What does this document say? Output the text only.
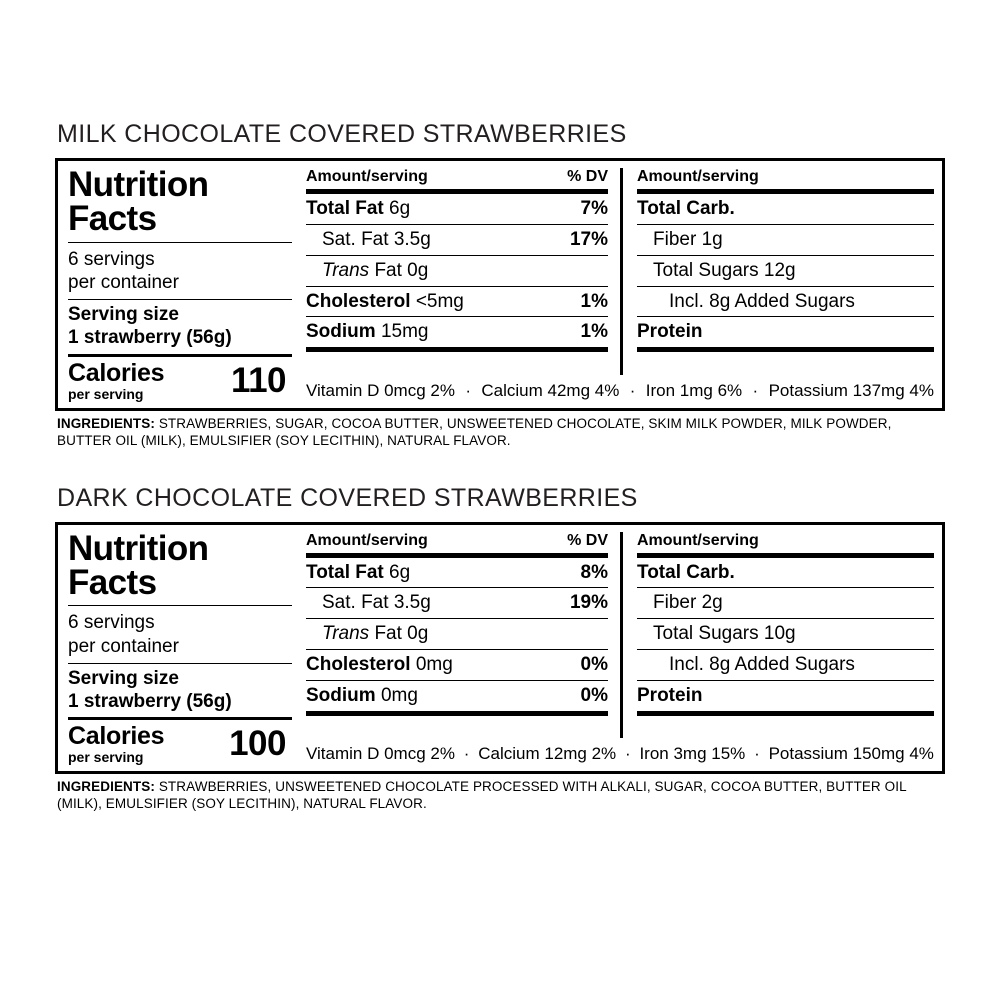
MILK CHOCOLATE COVERED STRAWBERRIES
Nutrition
Facts
6 servings
per container
Serving size
1 strawberry (56g)
Calories
per serving	110
Amount/serving	% DV
Total Fat 6g	7%
Sat. Fat 3.5g	17%
Trans Fat 0g
Cholesterol <5mg	1%
Sodium 15mg	1%
Amount/serving
Total Carb.
Fiber 1g
Total Sugars 12g
Incl. 8g Added Sugars
Protein
Vitamin D 0mcg 2% · Calcium 42mg 4% · Iron 1mg 6% · Potassium 137mg 4%
INGREDIENTS: STRAWBERRIES, SUGAR, COCOA BUTTER, UNSWEETENED CHOCOLATE, SKIM MILK POWDER, MILK POWDER, BUTTER OIL (MILK), EMULSIFIER (SOY LECITHIN), NATURAL FLAVOR.
DARK CHOCOLATE COVERED STRAWBERRIES
Nutrition
Facts
6 servings
per container
Serving size
1 strawberry (56g)
Calories
per serving	100
Amount/serving	% DV
Total Fat 6g	8%
Sat. Fat 3.5g	19%
Trans Fat 0g
Cholesterol 0mg	0%
Sodium 0mg	0%
Amount/serving
Total Carb.
Fiber 2g
Total Sugars 10g
Incl. 8g Added Sugars
Protein
Vitamin D 0mcg 2% · Calcium 12mg 2% · Iron 3mg 15% · Potassium 150mg 4%
INGREDIENTS: STRAWBERRIES, UNSWEETENED CHOCOLATE PROCESSED WITH ALKALI, SUGAR, COCOA BUTTER, BUTTER OIL (MILK), EMULSIFIER (SOY LECITHIN), NATURAL FLAVOR.
